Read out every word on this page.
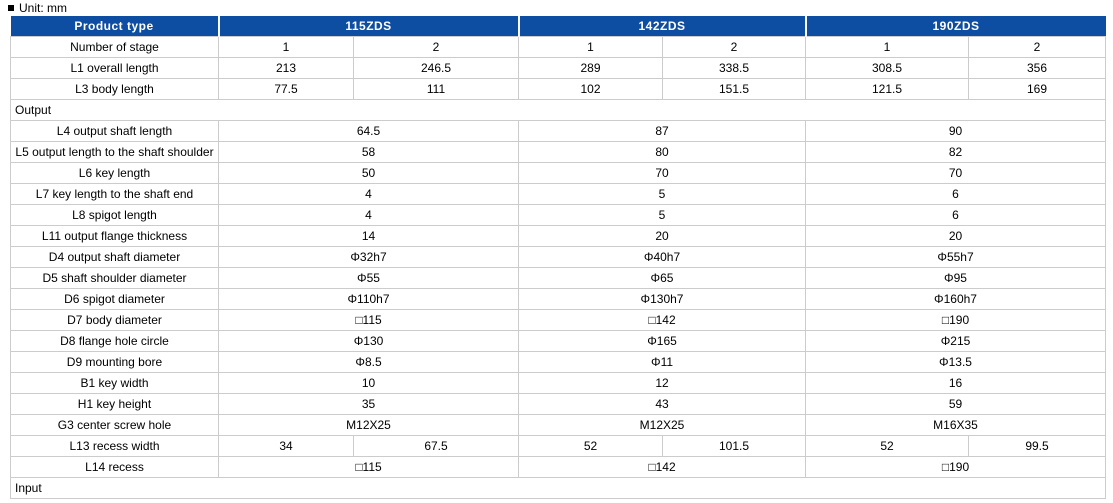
Unit: mm
Product type	115ZDS		142ZDS		190ZDS	
Number of stage	1	2	1	2	1	2
L1 overall length	213	246.5	289	338.5	308.5	356
L3 body length	77.5	111	102	151.5	121.5	169
Output						
L4 output shaft length	64.5		87		90	
L5 output length to the shaft shoulder	58		80		82	
L6 key length	50		70		70	
L7 key length to the shaft end	4		5		6	
L8 spigot length	4		5		6	
L11 output flange thickness	14		20		20	
D4 output shaft diameter	Φ32h7		Φ40h7		Φ55h7	
D5 shaft shoulder diameter	Φ55		Φ65		Φ95	
D6 spigot diameter	Φ110h7		Φ130h7		Φ160h7	
D7 body diameter	□115		□142		□190	
D8 flange hole circle	Φ130		Φ165		Φ215	
D9 mounting bore	Φ8.5		Φ11		Φ13.5	
B1 key width	10		12		16	
H1 key height	35		43		59	
G3 center screw hole	M12X25		M12X25		M16X35	
L13 recess width	34	67.5	52	101.5	52	99.5
L14 recess	□115		□142		□190	
Input						
